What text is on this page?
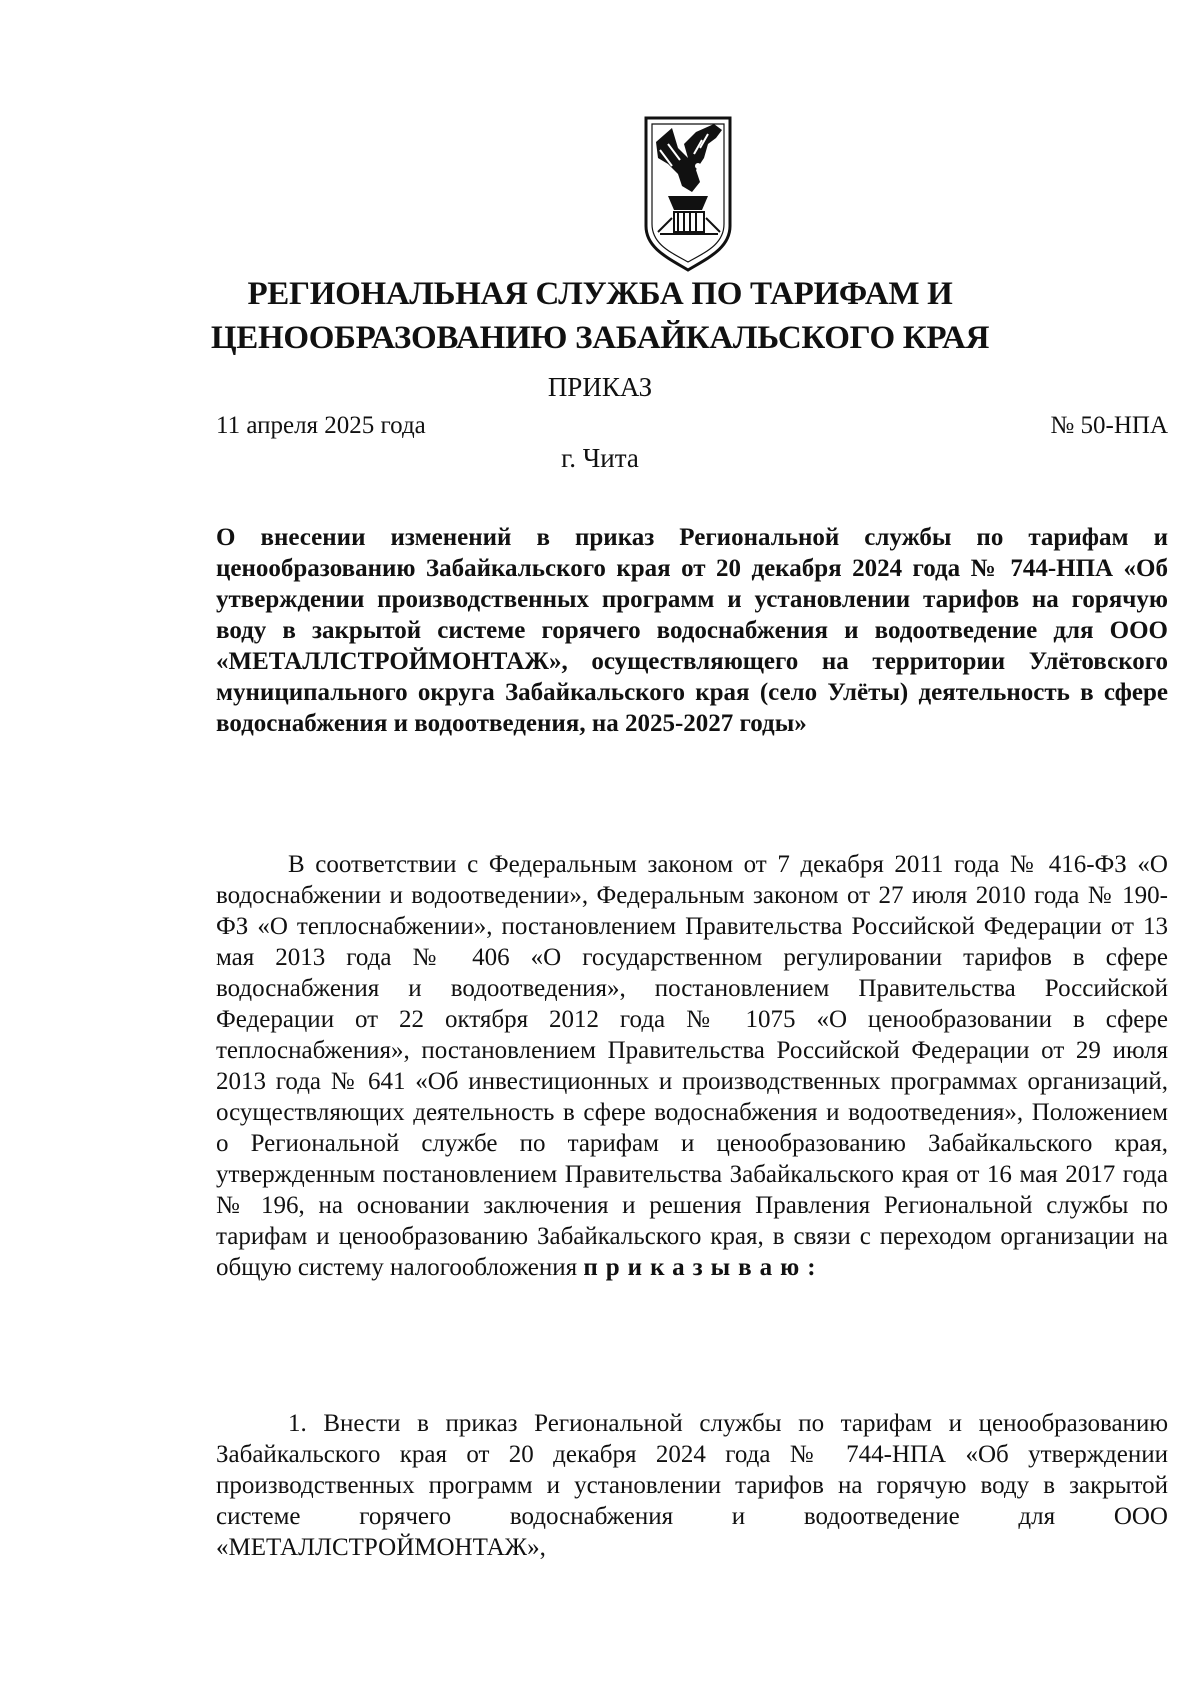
РЕГИОНАЛЬНАЯ СЛУЖБА ПО ТАРИФАМ И
ЦЕНООБРАЗОВАНИЮ ЗАБАЙКАЛЬСКОГО КРАЯ
ПРИКАЗ
11 апреля 2025 года	№ 50-НПА
г. Чита
О внесении изменений в приказ Региональной службы по тарифам и ценообразованию Забайкальского края от 20 декабря 2024 года № 744-НПА «Об утверждении производственных программ и установлении тарифов на горячую воду в закрытой системе горячего водоснабжения и водоотведение для ООО «МЕТАЛЛСТРОЙМОНТАЖ», осуществляющего на территории Улётовского муниципального округа Забайкальского края (село Улёты) деятельность в сфере водоснабжения и водоотведения, на 2025-2027 годы»
В соответствии с Федеральным законом от 7 декабря 2011 года № 416-ФЗ «О водоснабжении и водоотведении», Федеральным законом от 27 июля 2010 года № 190-ФЗ «О теплоснабжении», постановлением Правительства Российской Федерации от 13 мая 2013 года № 406 «О государственном регулировании тарифов в сфере водоснабжения и водоотведения», постановлением Правительства Российской Федерации от 22 октября 2012 года № 1075 «О ценообразовании в сфере теплоснабжения», постановлением Правительства Российской Федерации от 29 июля 2013 года № 641 «Об инвестиционных и производственных программах организаций, осуществляющих деятельность в сфере водоснабжения и водоотведения», Положением о Региональной службе по тарифам и ценообразованию Забайкальского края, утвержденным постановлением Правительства Забайкальского края от 16 мая 2017 года № 196, на основании заключения и решения Правления Региональной службы по тарифам и ценообразованию Забайкальского края, в связи с переходом организации на общую систему налогообложения приказываю:
1. Внести в приказ Региональной службы по тарифам и ценообразованию Забайкальского края от 20 декабря 2024 года № 744-НПА «Об утверждении производственных программ и установлении тарифов на горячую воду в закрытой системе горячего водоснабжения и водоотведение для ООО «МЕТАЛЛСТРОЙМОНТАЖ»,
